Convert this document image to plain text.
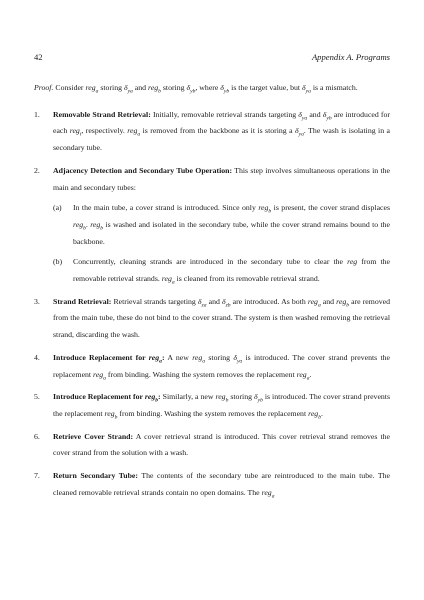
42	Appendix A. Programs
Proof. Consider reg$_a$ storing $\delta_{ya}$ and reg$_b$ storing $\delta_{yb}$, where $\delta_{yb}$ is the target value, but $\delta_{ya}$ is a mismatch.
1. Removable Strand Retrieval: Initially, removable retrieval strands targeting $\delta_{ya}$ and $\delta_{yb}$ are introduced for each reg$_i$, respectively. reg$_a$ is removed from the backbone as it is storing a $\delta_{ya}$. The wash is isolating in a secondary tube.
2. Adjacency Detection and Secondary Tube Operation: This step involves simultaneous operations in the main and secondary tubes:
(a) In the main tube, a cover strand is introduced. Since only reg$_b$ is present, the cover strand displaces reg$_b$. reg$_b$ is washed and isolated in the secondary tube, while the cover strand remains bound to the backbone.
(b) Concurrently, cleaning strands are introduced in the secondary tube to clear the reg from the removable retrieval strands. reg$_a$ is cleaned from its removable retrieval strand.
3. Strand Retrieval: Retrieval strands targeting $\delta_{za}$ and $\delta_{zb}$ are introduced. As both reg$_a$ and reg$_b$ are removed from the main tube, these do not bind to the cover strand. The system is then washed removing the retrieval strand, discarding the wash.
4. Introduce Replacement for reg$_a$: A new reg$_a$ storing $\delta_{ya}$ is introduced. The cover strand prevents the replacement reg$_a$ from binding. Washing the system removes the replacement reg$_a$.
5. Introduce Replacement for reg$_b$: Similarly, a new reg$_b$ storing $\delta_{yb}$ is introduced. The cover strand prevents the replacement reg$_b$ from binding. Washing the system removes the replacement reg$_b$.
6. Retrieve Cover Strand: A cover retrieval strand is introduced. This cover retrieval strand removes the cover strand from the solution with a wash.
7. Return Secondary Tube: The contents of the secondary tube are reintroduced to the main tube. The cleaned removable retrieval strands contain no open domains. The reg$_a$
